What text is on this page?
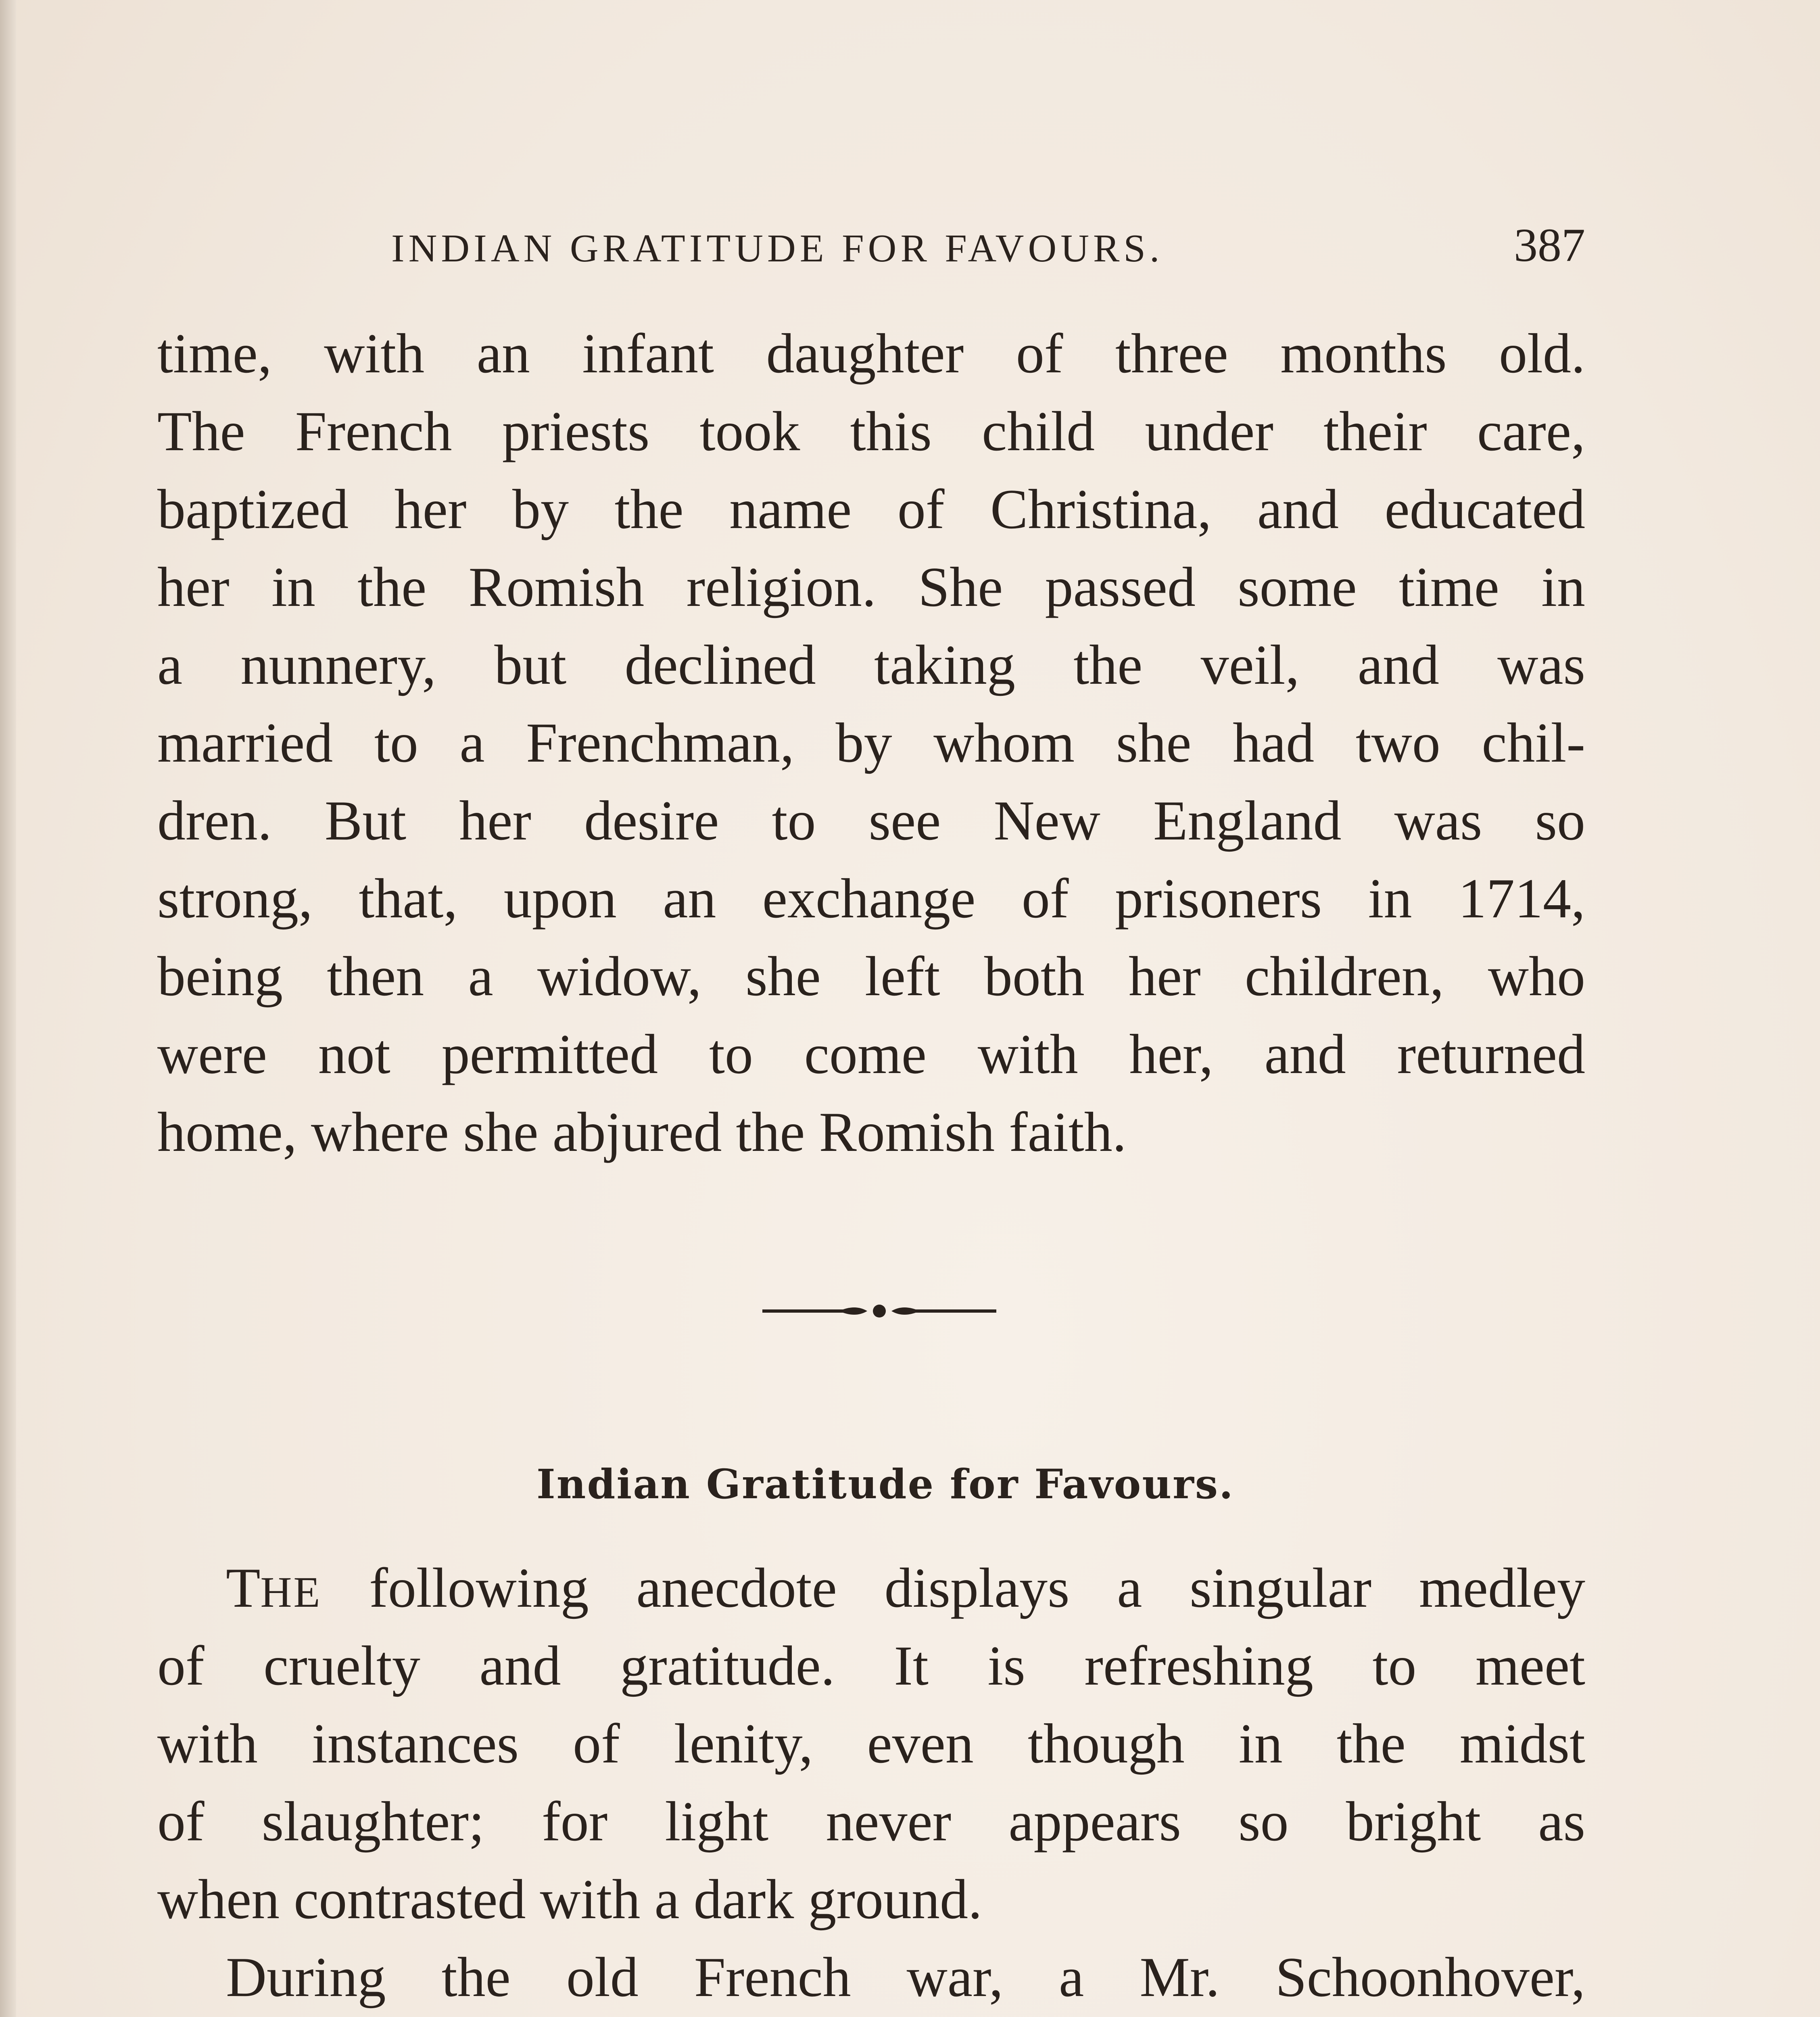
INDIAN GRATITUDE FOR FAVOURS.	387
time, with an infant daughter of three months old.
The French priests took this child under their care,
baptized her by the name of Christina, and educated
her in the Romish religion. She passed some time in
a nunnery, but declined taking the veil, and was
married to a Frenchman, by whom she had two chil-
dren. But her desire to see New England was so
strong, that, upon an exchange of prisoners in 1714,
being then a widow, she left both her children, who
were not permitted to come with her, and returned
home, where she abjured the Romish faith.
Indian Gratitude for Favours.
THE following anecdote displays a singular medley
of cruelty and gratitude. It is refreshing to meet
with instances of lenity, even though in the midst
of slaughter; for light never appears so bright as
when contrasted with a dark ground.
During the old French war, a Mr. Schoonhover,
